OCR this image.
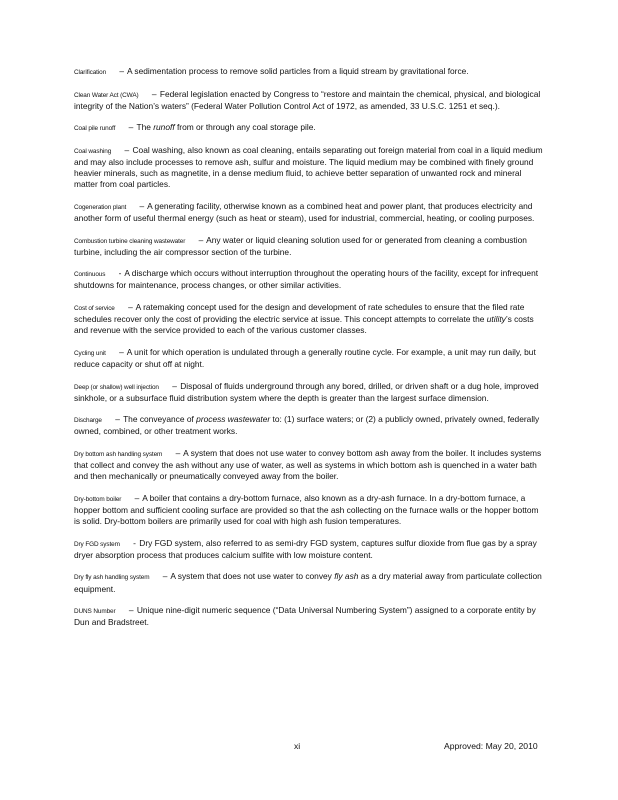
Clarification – A sedimentation process to remove solid particles from a liquid stream by gravitational force.

Clean Water Act (CWA) – Federal legislation enacted by Congress to “restore and maintain the chemical, physical, and biological integrity of the Nation’s waters” (Federal Water Pollution Control Act of 1972, as amended, 33 U.S.C. 1251 et seq.).

Coal pile runoff – The runoff from or through any coal storage pile.

Coal washing – Coal washing, also known as coal cleaning, entails separating out foreign material from coal in a liquid medium and may also include processes to remove ash, sulfur and moisture. The liquid medium may be combined with finely ground heavier minerals, such as magnetite, in a dense medium fluid, to achieve better separation of unwanted rock and mineral matter from coal particles.

Cogeneration plant – A generating facility, otherwise known as a combined heat and power plant, that produces electricity and another form of useful thermal energy (such as heat or steam), used for industrial, commercial, heating, or cooling purposes.

Combustion turbine cleaning wastewater – Any water or liquid cleaning solution used for or generated from cleaning a combustion turbine, including the air compressor section of the turbine.

Continuous - A discharge which occurs without interruption throughout the operating hours of the facility, except for infrequent shutdowns for maintenance, process changes, or other similar activities.

Cost of service – A ratemaking concept used for the design and development of rate schedules to ensure that the filed rate schedules recover only the cost of providing the electric service at issue. This concept attempts to correlate the utility’s costs and revenue with the service provided to each of the various customer classes.

Cycling unit – A unit for which operation is undulated through a generally routine cycle. For example, a unit may run daily, but reduce capacity or shut off at night.

Deep (or shallow) well injection – Disposal of fluids underground through any bored, drilled, or driven shaft or a dug hole, improved sinkhole, or a subsurface fluid distribution system where the depth is greater than the largest surface dimension.

Discharge – The conveyance of process wastewater to: (1) surface waters; or (2) a publicly owned, privately owned, federally owned, combined, or other treatment works.

Dry bottom ash handling system – A system that does not use water to convey bottom ash away from the boiler. It includes systems that collect and convey the ash without any use of water, as well as systems in which bottom ash is quenched in a water bath and then mechanically or pneumatically conveyed away from the boiler.

Dry-bottom boiler – A boiler that contains a dry-bottom furnace, also known as a dry-ash furnace. In a dry-bottom furnace, a hopper bottom and sufficient cooling surface are provided so that the ash collecting on the furnace walls or the hopper bottom is solid. Dry-bottom boilers are primarily used for coal with high ash fusion temperatures.

Dry FGD system - Dry FGD system, also referred to as semi-dry FGD system, captures sulfur dioxide from flue gas by a spray dryer absorption process that produces calcium sulfite with low moisture content.

Dry fly ash handling system – A system that does not use water to convey fly ash as a dry material away from particulate collection equipment.

DUNS Number – Unique nine-digit numeric sequence (“Data Universal Numbering System”) assigned to a corporate entity by Dun and Bradstreet.

xi	Approved: May 20, 2010
